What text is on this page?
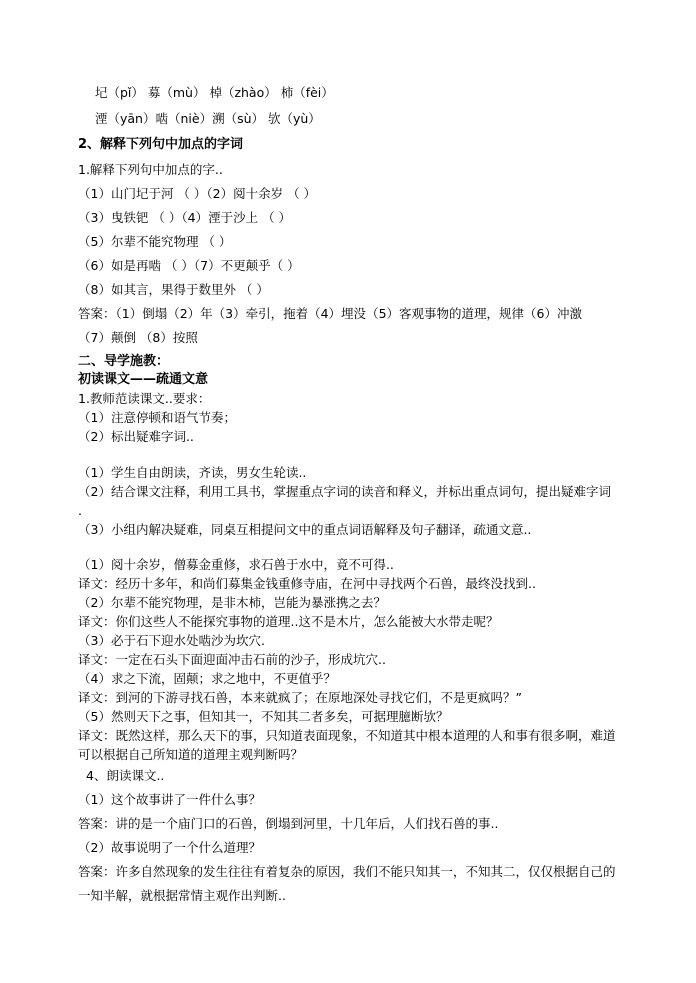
圮（pǐ） 募（mù） 棹（zhào） 柿（fèi）
湮（yān）啮（niè）溯（sù） 欤（yù）
2、解释下列句中加点的字词
1.解释下列句中加点的字..
（1）山门圮于河 （ ）（2）阅十余岁 （ ）
（3）曳铁钯 （ ）（4）湮于沙上 （ ）
（5）尔辈不能究物理 （ ）
（6）如是再啮 （ ）（7）不更颠乎（ ）
（8）如其言，果得于数里外 （ ）
答案：（1）倒塌（2）年（3）牵引，拖着（4）埋没（5）客观事物的道理，规律（6）冲激
（7）颠倒 （8）按照
二、导学施教：
初读课文——疏通文意
1.教师范读课文..要求：
（1）注意停顿和语气节奏；
（2）标出疑难字词..
（1）学生自由朗读，齐读，男女生轮读..
（2）结合课文注释，利用工具书，掌握重点字词的读音和释义，并标出重点词句，提出疑难字词
.
（3）小组内解决疑难，同桌互相提问文中的重点词语解释及句子翻译，疏通文意..
（1）阅十余岁，僧募金重修，求石兽于水中，竟不可得..
译文：经历十多年，和尚们募集金钱重修寺庙，在河中寻找两个石兽，最终没找到..
（2）尔辈不能究物理，是非木柿，岂能为暴涨携之去？
译文：你们这些人不能探究事物的道理..这不是木片，怎么能被大水带走呢？
（3）必于石下迎水处啮沙为坎穴.
译文：一定在石头下面迎面冲击石前的沙子，形成坑穴..
（4）求之下流，固颠；求之地中，不更值乎？
译文：到河的下游寻找石兽，本来就疯了；在原地深处寻找它们，不是更疯吗？”
（5）然则天下之事，但知其一，不知其二者多矣，可据理臆断欤？
译文：既然这样，那么天下的事，只知道表面现象，不知道其中根本道理的人和事有很多啊，难道
可以根据自己所知道的道理主观判断吗？
4、朗读课文..
（1）这个故事讲了一件什么事？
答案：讲的是一个庙门口的石兽，倒塌到河里，十几年后，人们找石兽的事..
（2）故事说明了一个什么道理？
答案：许多自然现象的发生往往有着复杂的原因，我们不能只知其一，不知其二，仅仅根据自己的
一知半解，就根据常情主观作出判断..
